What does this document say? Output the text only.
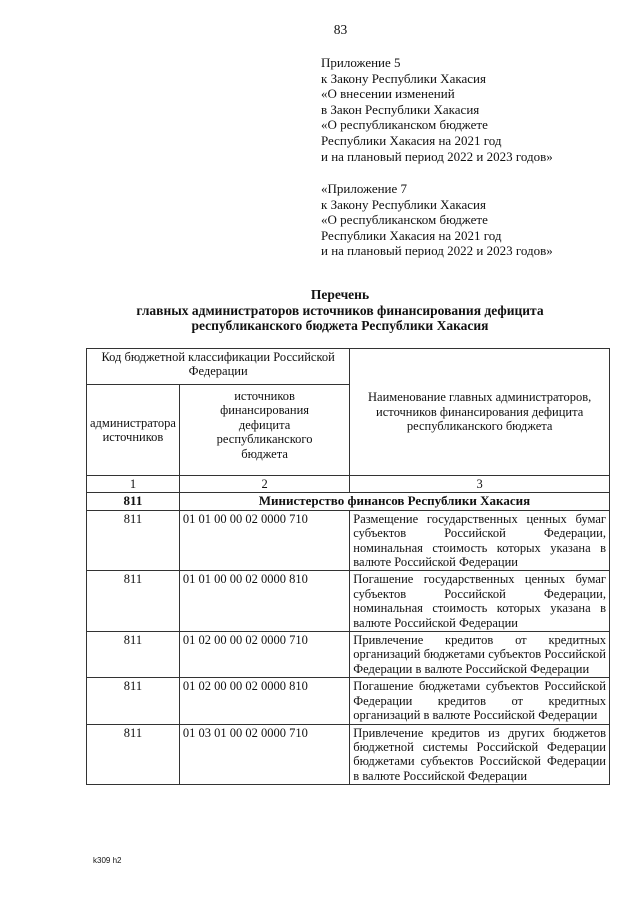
83
Приложение 5
к Закону Республики Хакасия
«О внесении изменений
в Закон Республики Хакасия
«О республиканском бюджете
Республики Хакасия на 2021 год
и на плановый период 2022 и 2023 годов»
«Приложение 7
к Закону Республики Хакасия
«О республиканском бюджете
Республики Хакасия на 2021 год
и на плановый период 2022 и 2023 годов»
Перечень
главных администраторов источников финансирования дефицита
республиканского бюджета Республики Хакасия
Код бюджетной классификации Российской Федерации		Наименование главных администраторов, источников финансирования дефицита республиканского бюджета
администратора источников	источников финансирования дефицита республиканского бюджета	
1	2	3
811	Министерство финансов Республики Хакасия	
811	01 01 00 00 02 0000 710	Размещение государственных ценных бумаг субъектов Российской Федерации, номинальная стоимость которых указана в валюте Российской Федерации
811	01 01 00 00 02 0000 810	Погашение государственных ценных бумаг субъектов Российской Федерации, номинальная стоимость которых указана в валюте Российской Федерации
811	01 02 00 00 02 0000 710	Привлечение кредитов от кредитных организаций бюджетами субъектов Российской Федерации в валюте Российской Федерации
811	01 02 00 00 02 0000 810	Погашение бюджетами субъектов Российской Федерации кредитов от кредитных организаций в валюте Российской Федерации
811	01 03 01 00 02 0000 710	Привлечение кредитов из других бюджетов бюджетной системы Российской Федерации бюджетами субъектов Российской Федерации в валюте Российской Федерации
k309 h2
